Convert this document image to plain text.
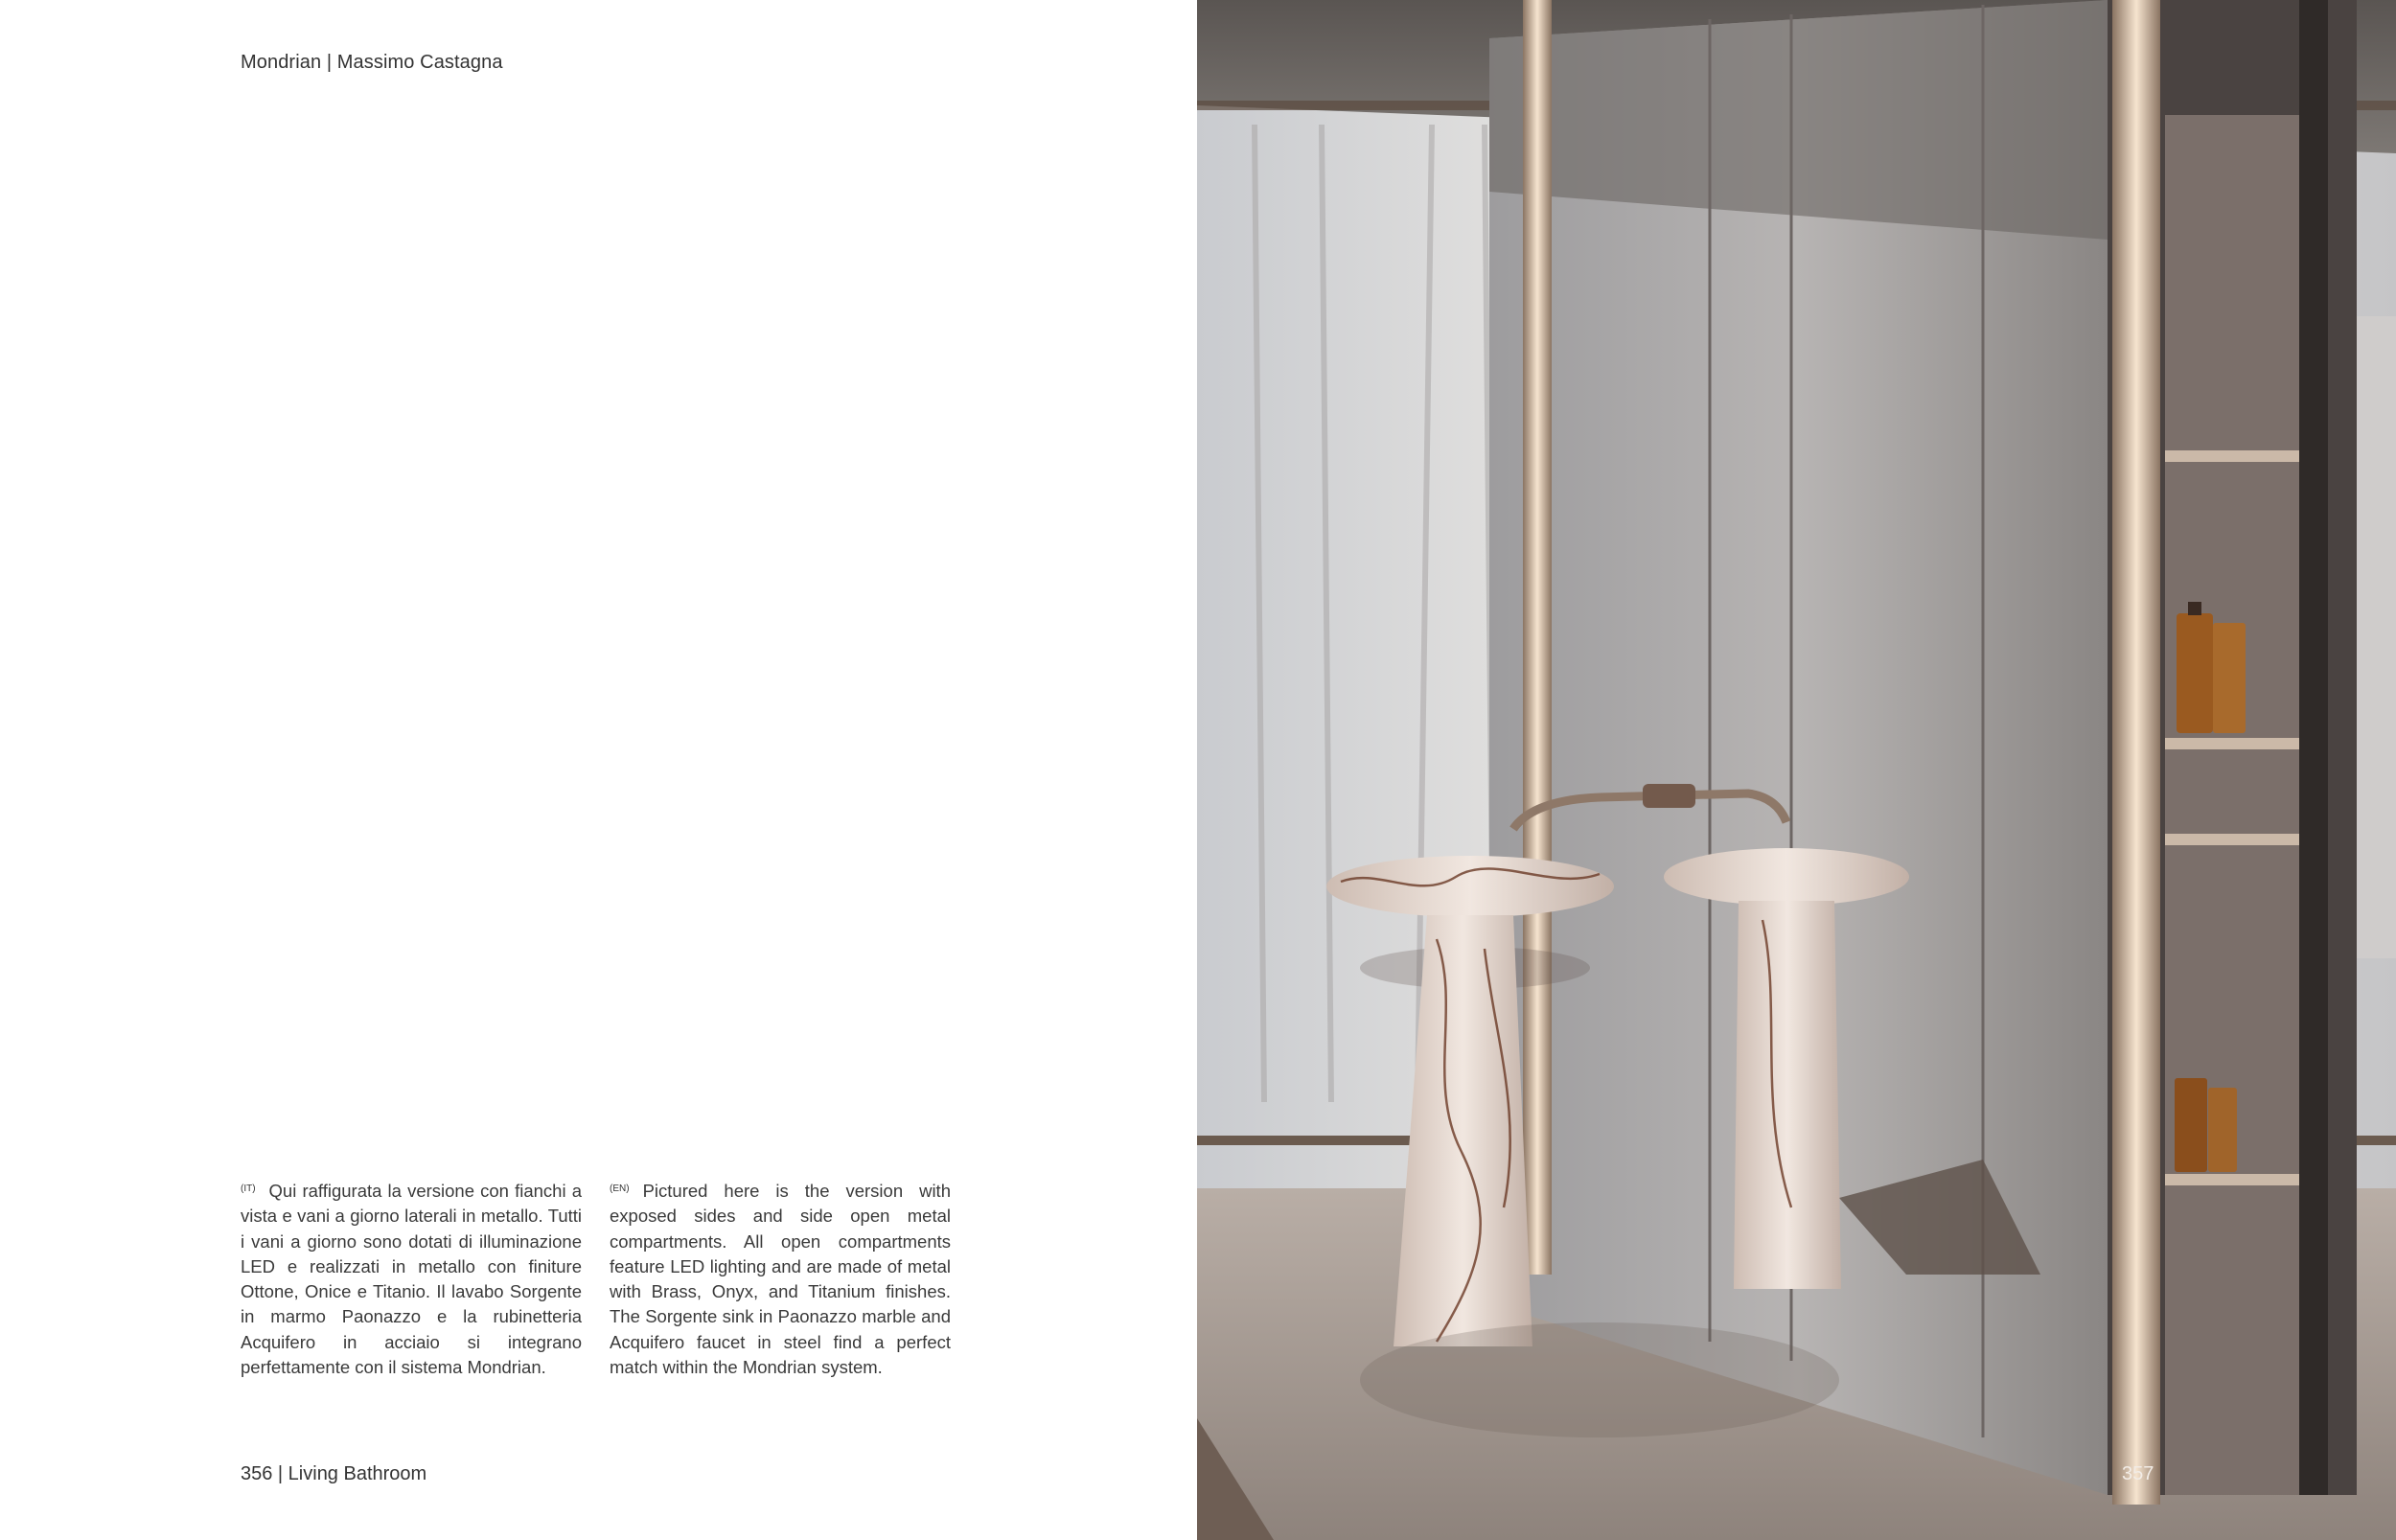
Mondrian | Massimo Castagna
$^{(IT)}$ Qui raffigurata la versione con fianchi a vista e vani a giorno laterali in metallo. Tutti i vani a giorno sono dotati di illuminazione LED e realizzati in metallo con finiture Ottone, Onice e Titanio. Il lavabo Sorgente in marmo Paonazzo e la rubinetteria Acquifero in acciaio si integrano perfettamente con il sistema Mondrian.
$^{(EN)}$ Pictured here is the version with exposed sides and side open metal compartments. All open compartments feature LED lighting and are made of metal with Brass, Onyx, and Titanium finishes. The Sorgente sink in Paonazzo marble and Acquifero faucet in steel find a perfect match within the Mondrian system.
356 | Living Bathroom	357
